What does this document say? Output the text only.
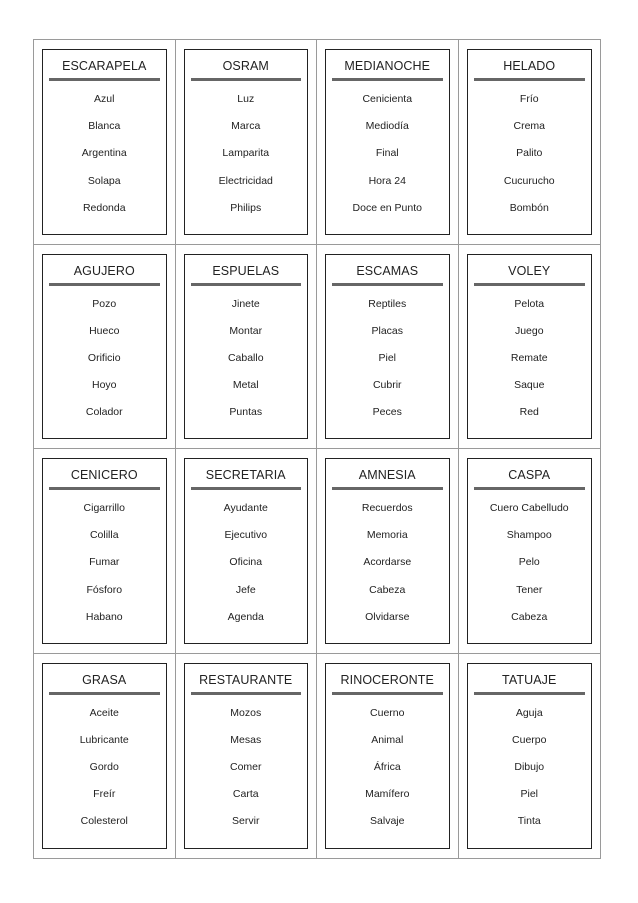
ESCARAPELA
Azul
Blanca
Argentina
Solapa
Redonda
OSRAM
Luz
Marca
Lamparita
Electricidad
Philips
MEDIANOCHE
Cenicienta
Mediodía
Final
Hora 24
Doce en Punto
HELADO
Frío
Crema
Palito
Cucurucho
Bombón
AGUJERO
Pozo
Hueco
Orificio
Hoyo
Colador
ESPUELAS
Jinete
Montar
Caballo
Metal
Puntas
ESCAMAS
Reptiles
Placas
Piel
Cubrir
Peces
VOLEY
Pelota
Juego
Remate
Saque
Red
CENICERO
Cigarrillo
Colilla
Fumar
Fósforo
Habano
SECRETARIA
Ayudante
Ejecutivo
Oficina
Jefe
Agenda
AMNESIA
Recuerdos
Memoria
Acordarse
Cabeza
Olvidarse
CASPA
Cuero Cabelludo
Shampoo
Pelo
Tener
Cabeza
GRASA
Aceite
Lubricante
Gordo
Freír
Colesterol
RESTAURANTE
Mozos
Mesas
Comer
Carta
Servir
RINOCERONTE
Cuerno
Animal
África
Mamífero
Salvaje
TATUAJE
Aguja
Cuerpo
Dibujo
Piel
Tinta
